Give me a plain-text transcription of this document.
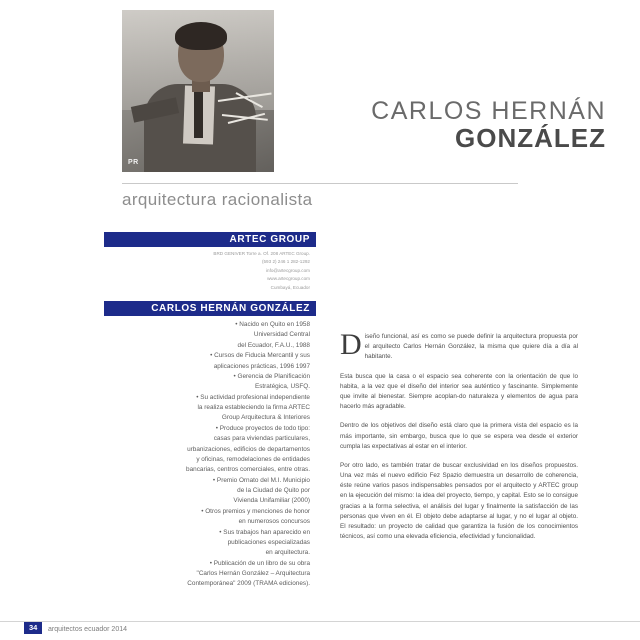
PR
CARLOS HERNÁN
GONZÁLEZ
arquitectura racionalista
ARTEC GROUP
BRD GENIVER Torre a. Of. 208 ARTEC Group.
(593 2) 246 1 282-1292
info@artecgroup.com
www.artecgroup.com
Cumbayá, Ecuador
CARLOS HERNÁN GONZÁLEZ
• Nacido en Quito en 1958
Universidad Central
del Ecuador, F.A.U., 1988
• Cursos de Fiducia Mercantil y sus
aplicaciones prácticas, 1996 1997
• Gerencia de Planificación
Estratégica, USFQ.
• Su actividad profesional independiente
la realiza estableciendo la firma ARTEC
Group Arquitectura & Interiores
• Produce proyectos de todo tipo:
casas para viviendas particulares,
urbanizaciones, edificios de departamentos
y oficinas, remodelaciones de entidades
bancarias, centros comerciales, entre otras.
• Premio Ornato del M.I. Municipio
de la Ciudad de Quito por
Vivienda Unifamiliar (2000)
• Otros premios y menciones de honor
en numerosos concursos
• Sus trabajos han aparecido en
publicaciones especializadas
en arquitectura.
• Publicación de un libro de su obra
"Carlos Hernán González – Arquitectura
Contemporánea" 2009 (TRAMA ediciones).

Diseño funcional, así es como se puede definir la arquitectura propuesta por el arquitecto Carlos Hernán González, la misma que quiere día a día al habitante.

Esta busca que la casa o el espacio sea coherente con la orientación de que lo habita, a la vez que el diseño del interior sea auténtico y fascinante. Simplemente que invite al bienestar. Siempre acoplan-do naturaleza y elementos de agua para hacerlo más agradable.

Dentro de los objetivos del diseño está claro que la primera vista del espacio es la más importante, sin embargo, busca que lo que se espera vea desde el exterior cumpla las expectativas al estar en el interior.

Por otro lado, es también tratar de buscar exclusividad en los diseños propuestos. Una vez más el nuevo edificio Fez Spazio demuestra un desarrollo de coherencia, éste reúne varios pasos indispensables pensados por el arquitecto y ARTEC group en la ejecución del mismo: la idea del proyecto, tiempo, y capital. Esto se lo consigue gracias a la forma selectiva, el análisis del lugar y finalmente la satisfacción de las personas que viven en él. El objeto debe adaptarse al lugar, y no el lugar al objeto. El resultado: un proyecto de calidad que garantiza la fusión de los conocimientos técnicos, así como una elevada eficiencia, efectividad y funcionalidad.

34	arquitectos ecuador 2014
